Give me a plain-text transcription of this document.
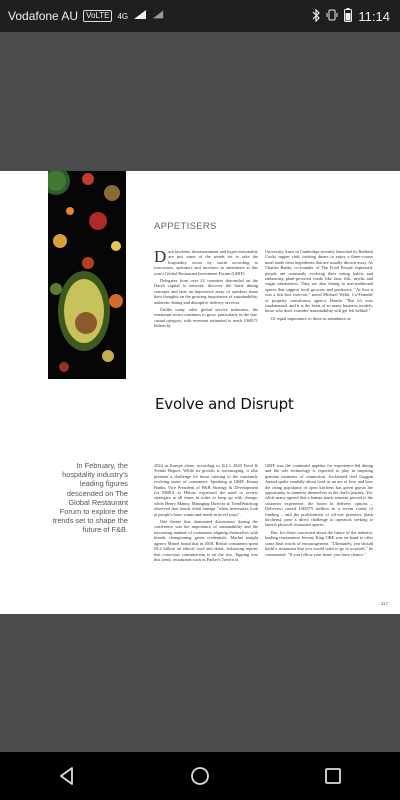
Vodafone AU	VoLTE	4G	11:14
APPETISERS

Dark kitchens, dinnertainment and hyper-seasonality are just some of the trends set to take the hospitality sector by storm according to forecasters, operators and investors in attendance at this year's Global Restaurant Investment Forum (GRIF).

Delegates from over 42 countries descended on the Dutch capital to network, discover the latest dining concepts and hear an impressive array of speakers share their thoughts on the growing importance of sustainability, authentic dining and disruptive delivery services.

Unlike many other global service industries, the restaurant sector continues to grow, particularly in the fast-casual category, with revenues estimated to reach US$571 billion by

University Arms in Cambridge recently launched its Rubbish Cooks supper club, inviting diners to enjoy a three-course meal made from ingredients that are usually thrown away. As Charles Banks, co-founder of The Food People explained, people are constantly evolving their eating habits and embracing plant-powered foods like faux fish, myths and vegan alternatives. They are also dining in non-traditional spaces that support local growers and producers. "At first it was a tick-box exercise," noted Michael Webb, Co-Founder of property consultancy agency Duntle. "But it's now fundamental, and it is the heart of so many business models; those who don't consider sustainability will get left behind."

Of equal importance to those in attendance at

Evolve and Disrupt
In February, the hospitality industry's leading figures descended on The Global Restaurant Forum to explore the trends set to shape the future of F&B.

2024 in Europe alone, according to JLL's 2020 Food & Trends Report. While its growth is encouraging, it also presents a challenge for those catering to the constantly evolving tastes of consumers. Speaking at GRIF, Emma Banks, Vice President of F&B Strategy & Development for EMEA at Hilton, expressed the need to review strategies at all times in order to keep up with change, while Henry Manny, Managing Director at TrendWatching observed that trends often emerge "when innovators look at people's basic wants and needs in novel ways".

One theme that dominated discussions during the conference was the importance of sustainability and the increasing number of consumers aligning themselves with brands championing green credentials. Market insight agency Mintel found that in 2018, British consumers spent £8.2 billion on ethical food and drink, bolstering reports that conscious consumerism is on the rise. Tapping into this trend, restaurants such as Parker's Tavern at

GRIF was the continued appetite for experience-led dining and the role technology is expected to play in inspiring genuine moments of connection. Acclaimed chef Gaggan Anand spoke candidly about food as an act of love and how the rising popularity of open kitchens has given guests the opportunity to immerse themselves in the chef's journey. Yet, while many agreed that a human touch remains pivotal to the customer experience, the boom in delivery options – Deliveroo raised US$575 million in a recent round of funding – and the proliferation of off-site premises (dark kitchens), pose a direct challenge to operators seeking to launch physical restaurant spaces.

But, for those concerned about the future of the industry, leading restaurateur Jeremy King OBE was on-hand to offer some final words of encouragement. "Ultimately, you should build a restaurant that you would want to go to yourself," he commented. "If you follow your heart, you have chance."

117
